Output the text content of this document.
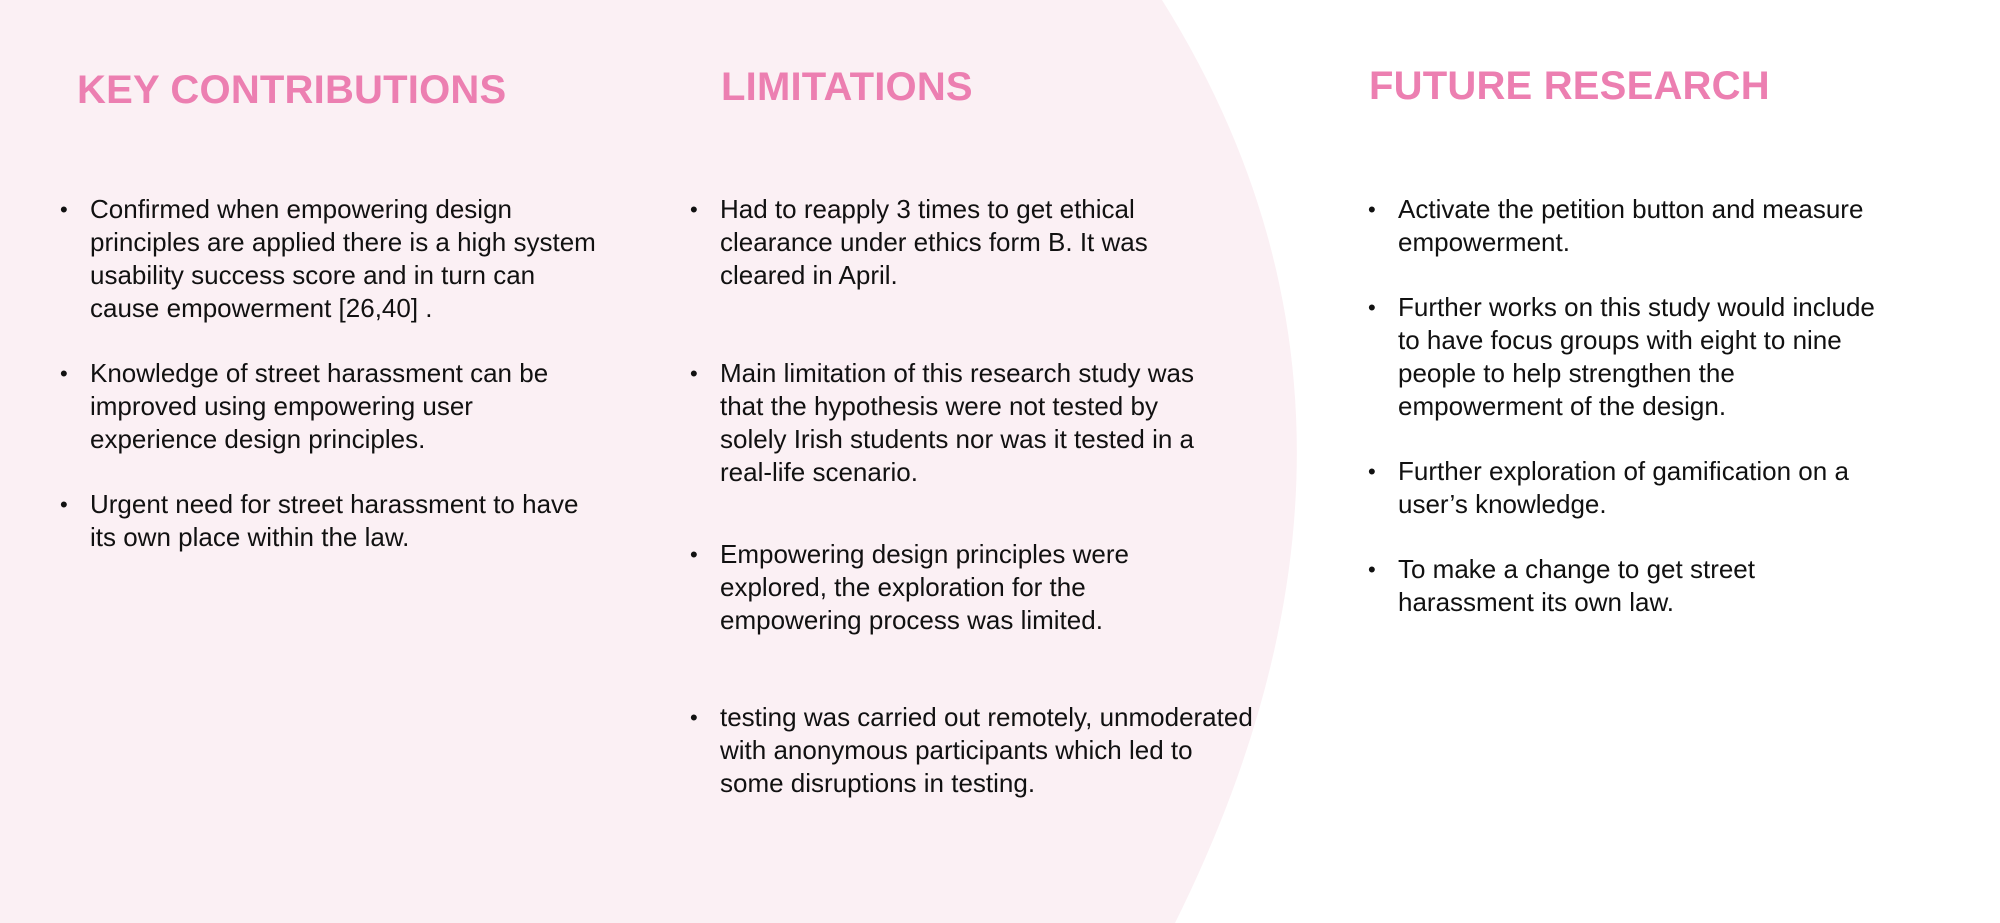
KEY CONTRIBUTIONS
• Confirmed when empowering design principles are applied there is a high system usability success score and in turn can cause empowerment [26,40] .
• Knowledge of street harassment can be improved using empowering user experience design principles.
• Urgent need for street harassment to have its own place within the law.
LIMITATIONS
• Had to reapply 3 times to get ethical clearance under ethics form B. It was cleared in April.
• Main limitation of this research study was that the hypothesis were not tested by solely Irish students nor was it tested in a real-life scenario.
• Empowering design principles were explored, the exploration for the empowering process was limited.
• testing was carried out remotely, unmoderated with anonymous participants which led to some disruptions in testing.
FUTURE RESEARCH
• Activate the petition button and measure empowerment.
• Further works on this study would include to have focus groups with eight to nine people to help strengthen the empowerment of the design.
• Further exploration of gamification on a user’s knowledge.
• To make a change to get street harassment its own law.
